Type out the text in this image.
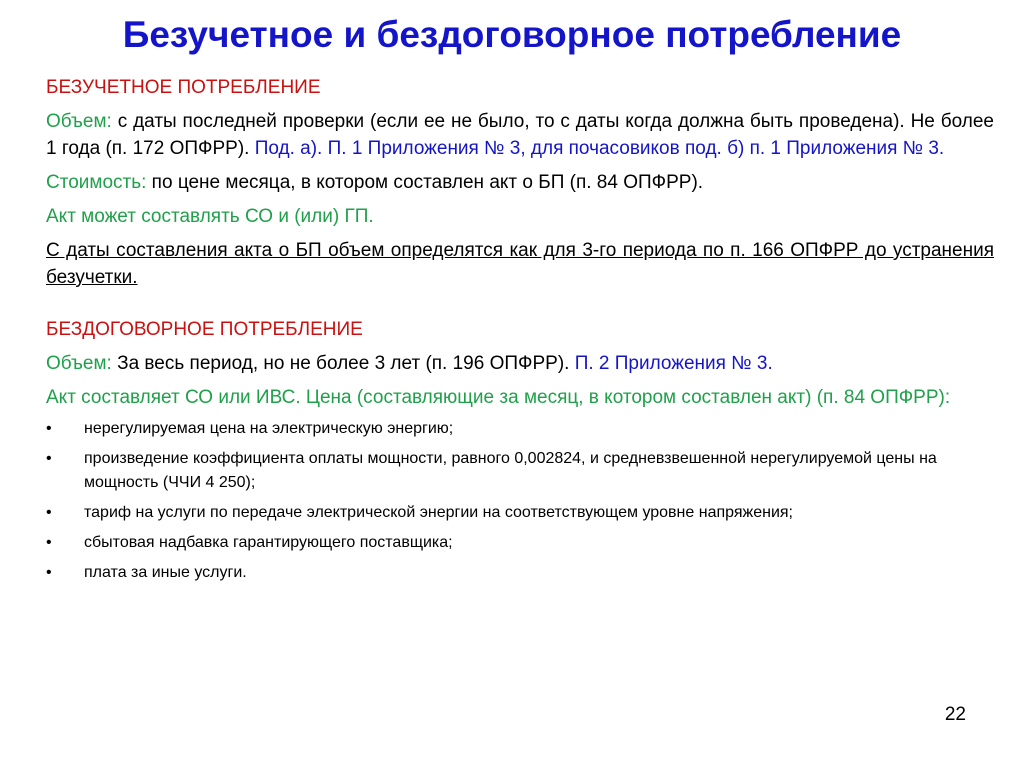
Безучетное и бездоговорное потребление

БЕЗУЧЕТНОЕ ПОТРЕБЛЕНИЕ

Объем: с даты последней проверки (если ее не было, то с даты когда должна быть проведена). Не более 1 года (п. 172 ОПФРР). Под. а). П. 1 Приложения № 3, для почасовиков под. б) п. 1 Приложения № 3.

Стоимость: по цене месяца, в котором составлен акт о БП (п. 84 ОПФРР).

Акт может составлять СО и (или) ГП.

С даты составления акта о БП объем определятся как для 3-го периода по п. 166 ОПФРР до устранения безучетки.

БЕЗДОГОВОРНОЕ ПОТРЕБЛЕНИЕ

Объем: За весь период, но не более 3 лет (п. 196 ОПФРР). П. 2 Приложения № 3.

Акт составляет СО или ИВС. Цена (составляющие за месяц, в котором составлен акт) (п. 84 ОПФРР):

• нерегулируемая цена на электрическую энергию;
• произведение коэффициента оплаты мощности, равного 0,002824, и средневзвешенной нерегулируемой цены на мощность (ЧЧИ 4 250);
• тариф на услуги по передаче электрической энергии на соответствующем уровне напряжения;
• сбытовая надбавка гарантирующего поставщика;
• плата за иные услуги.
22
